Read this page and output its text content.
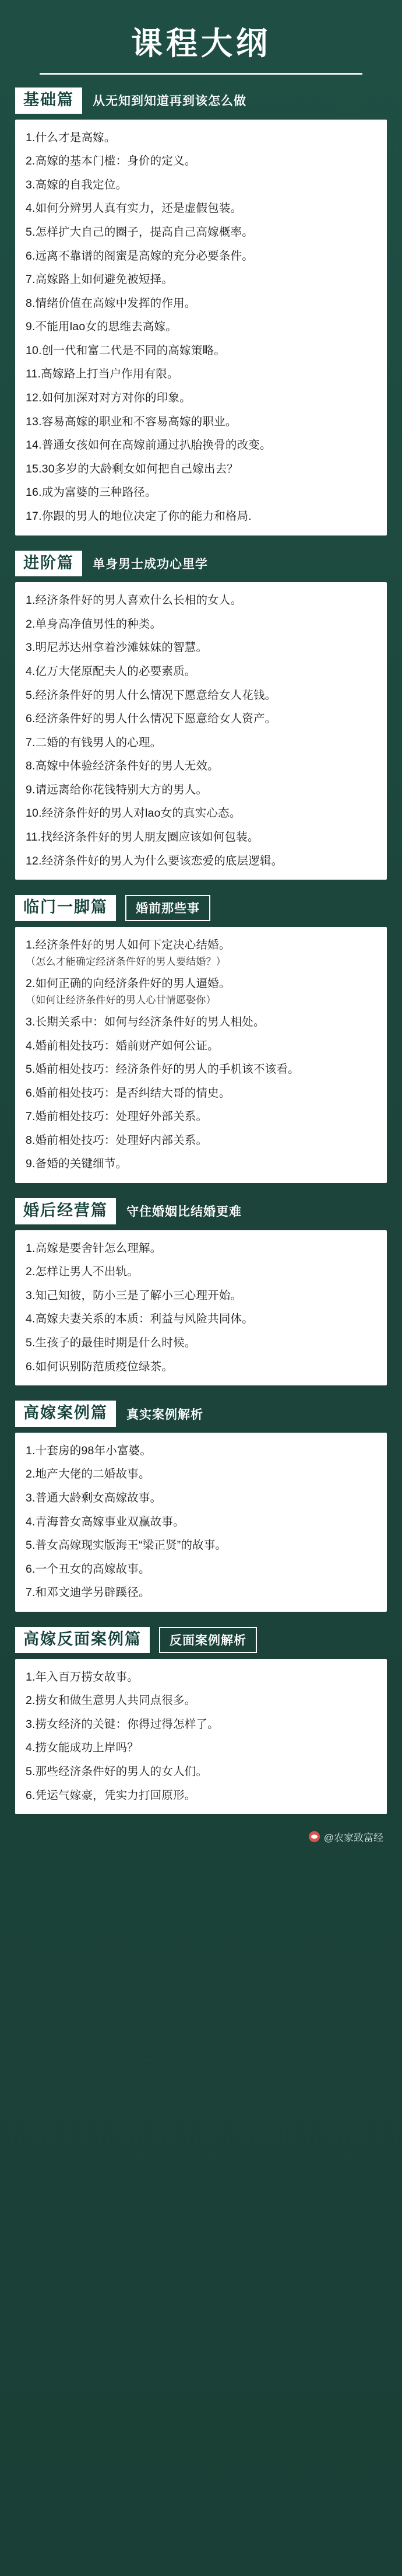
课程大纲
基础篇	从无知到知道再到该怎么做

1.什么才是高嫁。

2.高嫁的基本门槛：身价的定义。

3.高嫁的自我定位。

4.如何分辨男人真有实力，还是虚假包装。

5.怎样扩大自己的圈子，提高自己高嫁概率。

6.远离不靠谱的阁蜜是高嫁的充分必要条件。

7.高嫁路上如何避免被短择。

8.情绪价值在高嫁中发挥的作用。

9.不能用lao女的思维去高嫁。

10.创一代和富二代是不同的高嫁策略。

11.高嫁路上打当户作用有限。

12.如何加深对对方对你的印象。

13.容易高嫁的职业和不容易高嫁的职业。

14.普通女孩如何在高嫁前通过扒胎换骨的改变。

15.30多岁的大龄剩女如何把自己嫁出去？

16.成为富婆的三种路径。

17.你跟的男人的地位决定了你的能力和格局.

进阶篇	单身男士成功心里学

1.经济条件好的男人喜欢什么长相的女人。

2.单身高净值男性的种类。

3.明尼苏达州拿着沙滩妹妹的智慧。

4.亿万大佬原配夫人的必要素质。

5.经济条件好的男人什么情况下愿意给女人花钱。

6.经济条件好的男人什么情况下愿意给女人资产。

7.二婚的有钱男人的心理。

8.高嫁中体验经济条件好的男人无效。

9.请远离给你花钱特别大方的男人。

10.经济条件好的男人对lao女的真实心态。

11.找经济条件好的男人朋友圈应该如何包装。

12.经济条件好的男人为什么要该恋爱的底层逻辑。

临门一脚篇	婚前那些事

1.经济条件好的男人如何下定决心结婚。
（怎么才能确定经济条件好的男人要结婚？）

2.如何正确的向经济条件好的男人逼婚。
（如何让经济条件好的男人心甘情愿娶你）

3.长期关系中：如何与经济条件好的男人相处。

4.婚前相处技巧：婚前财产如何公证。

5.婚前相处技巧：经济条件好的男人的手机该不该看。

6.婚前相处技巧：是否纠结大哥的情史。

7.婚前相处技巧：处理好外部关系。

8.婚前相处技巧：处理好内部关系。

9.备婚的关键细节。

婚后经营篇	守住婚姻比结婚更难

1.高嫁是要舍针怎么理解。

2.怎样让男人不出轨。

3.知己知彼，防小三是了解小三心理开始。

4.高嫁夫妻关系的本质：利益与风险共同体。

5.生孩子的最佳时期是什么时候。

6.如何识别防范质疫位绿茶。

高嫁案例篇	真实案例解析

1.十套房的98年小富婆。

2.地产大佬的二婚故事。

3.普通大龄剩女高嫁故事。

4.青海普女高嫁事业双赢故事。

5.普女高嫁现实版海王“梁正贤”的故事。

6.一个丑女的高嫁故事。

7.和邓文迪学另辟蹊径。

高嫁反面案例篇	反面案例解析

1.年入百万捞女故事。

2.捞女和做生意男人共同点很多。

3.捞女经济的关键：你得过得怎样了。

4.捞女能成功上岸吗？

5.那些经济条件好的男人的女人们。

6.凭运气嫁豪，凭实力打回原形。

@农家致富经
